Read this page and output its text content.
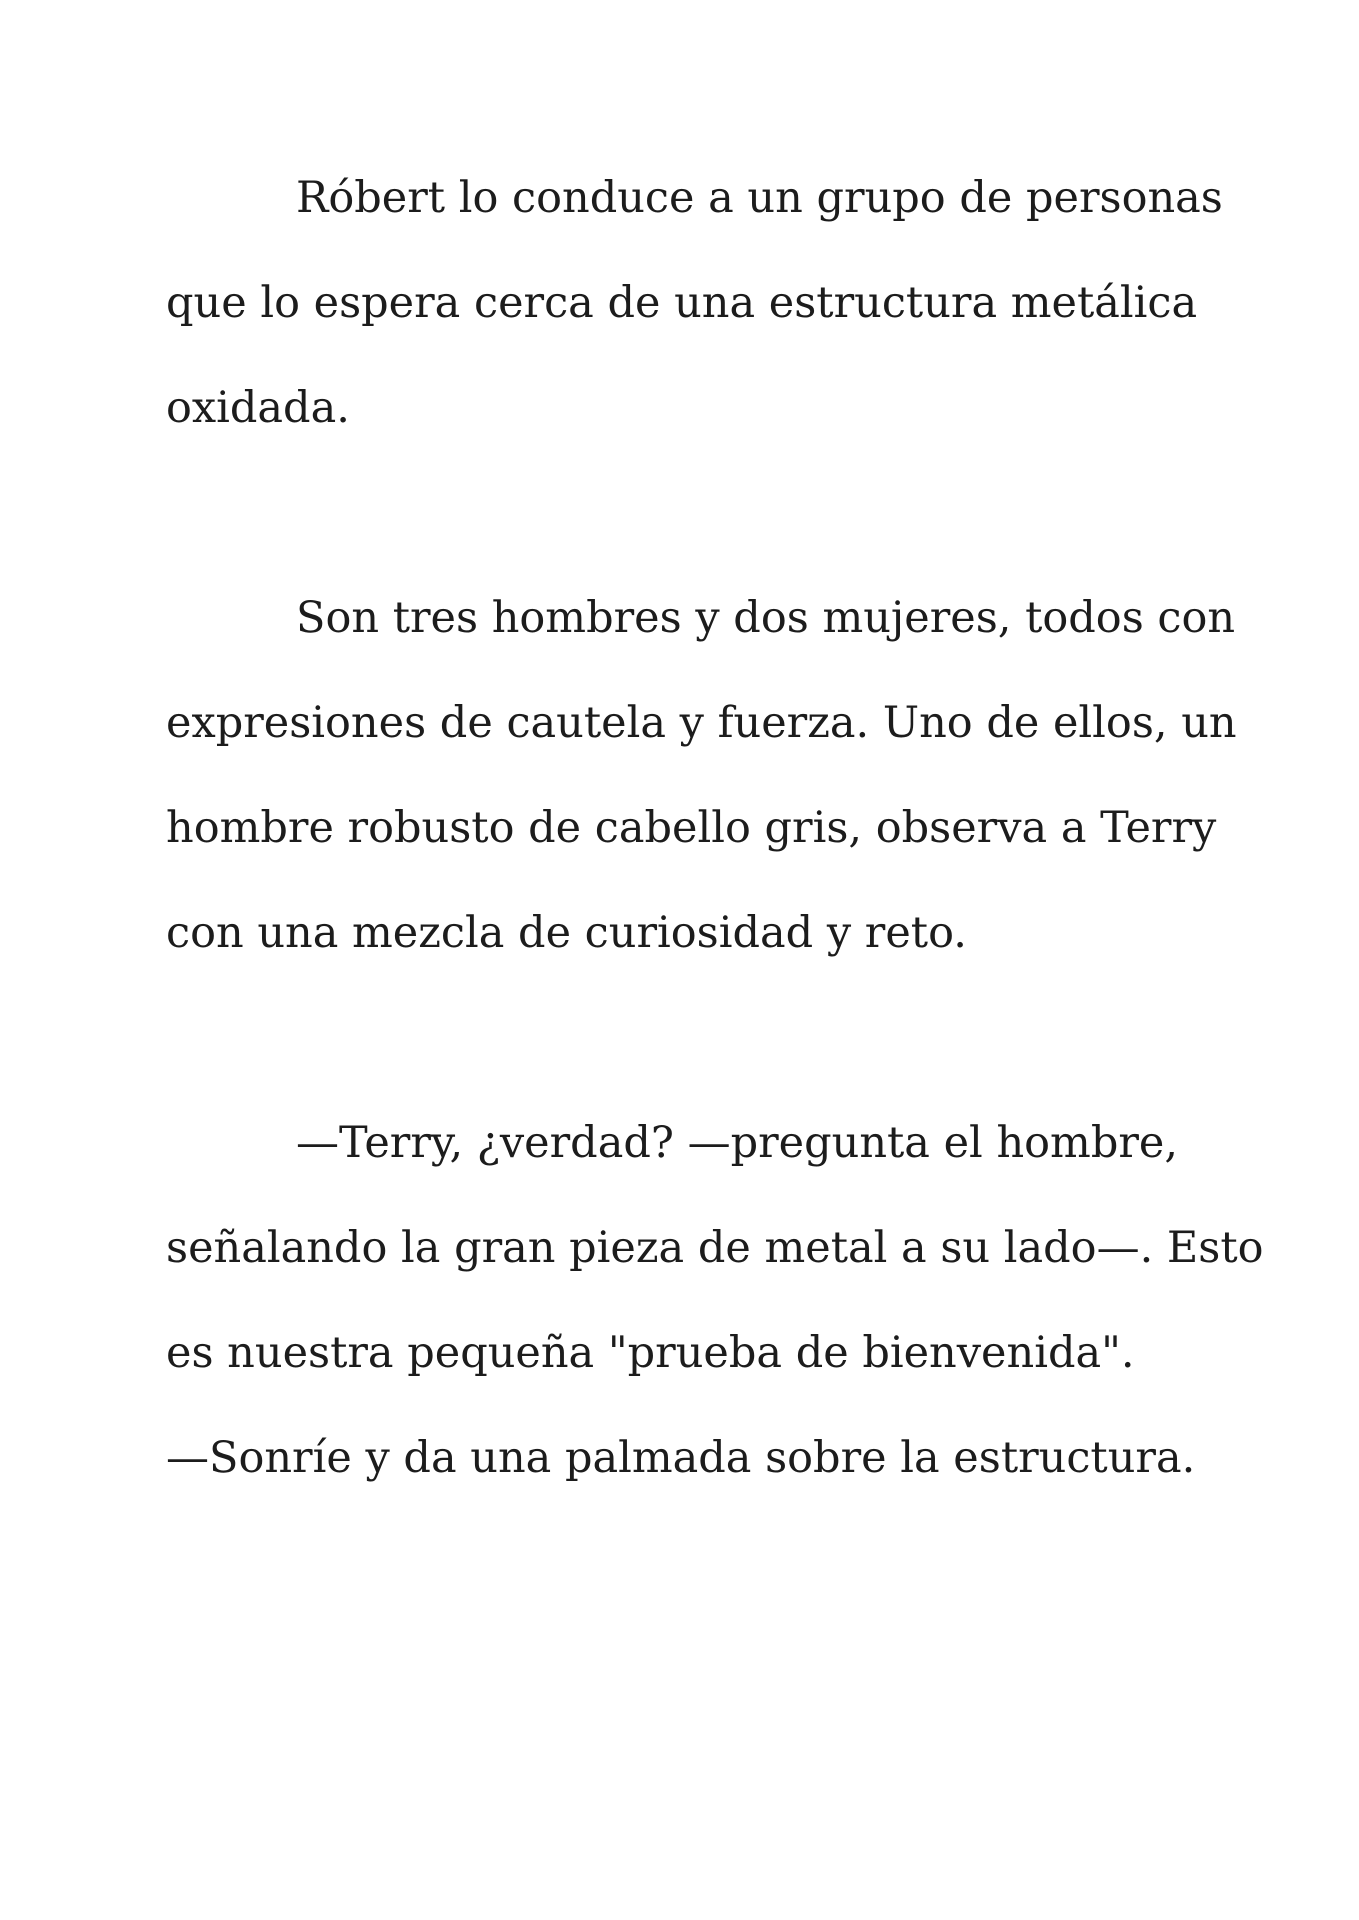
Róbert lo conduce a un grupo de personas

que lo espera cerca de una estructura metálica

oxidada.

Son tres hombres y dos mujeres, todos con

expresiones de cautela y fuerza. Uno de ellos, un

hombre robusto de cabello gris, observa a Terry

con una mezcla de curiosidad y reto.

—Terry, ¿verdad? —pregunta el hombre,

señalando la gran pieza de metal a su lado—. Esto

es nuestra pequeña "prueba de bienvenida".

—Sonríe y da una palmada sobre la estructura.
